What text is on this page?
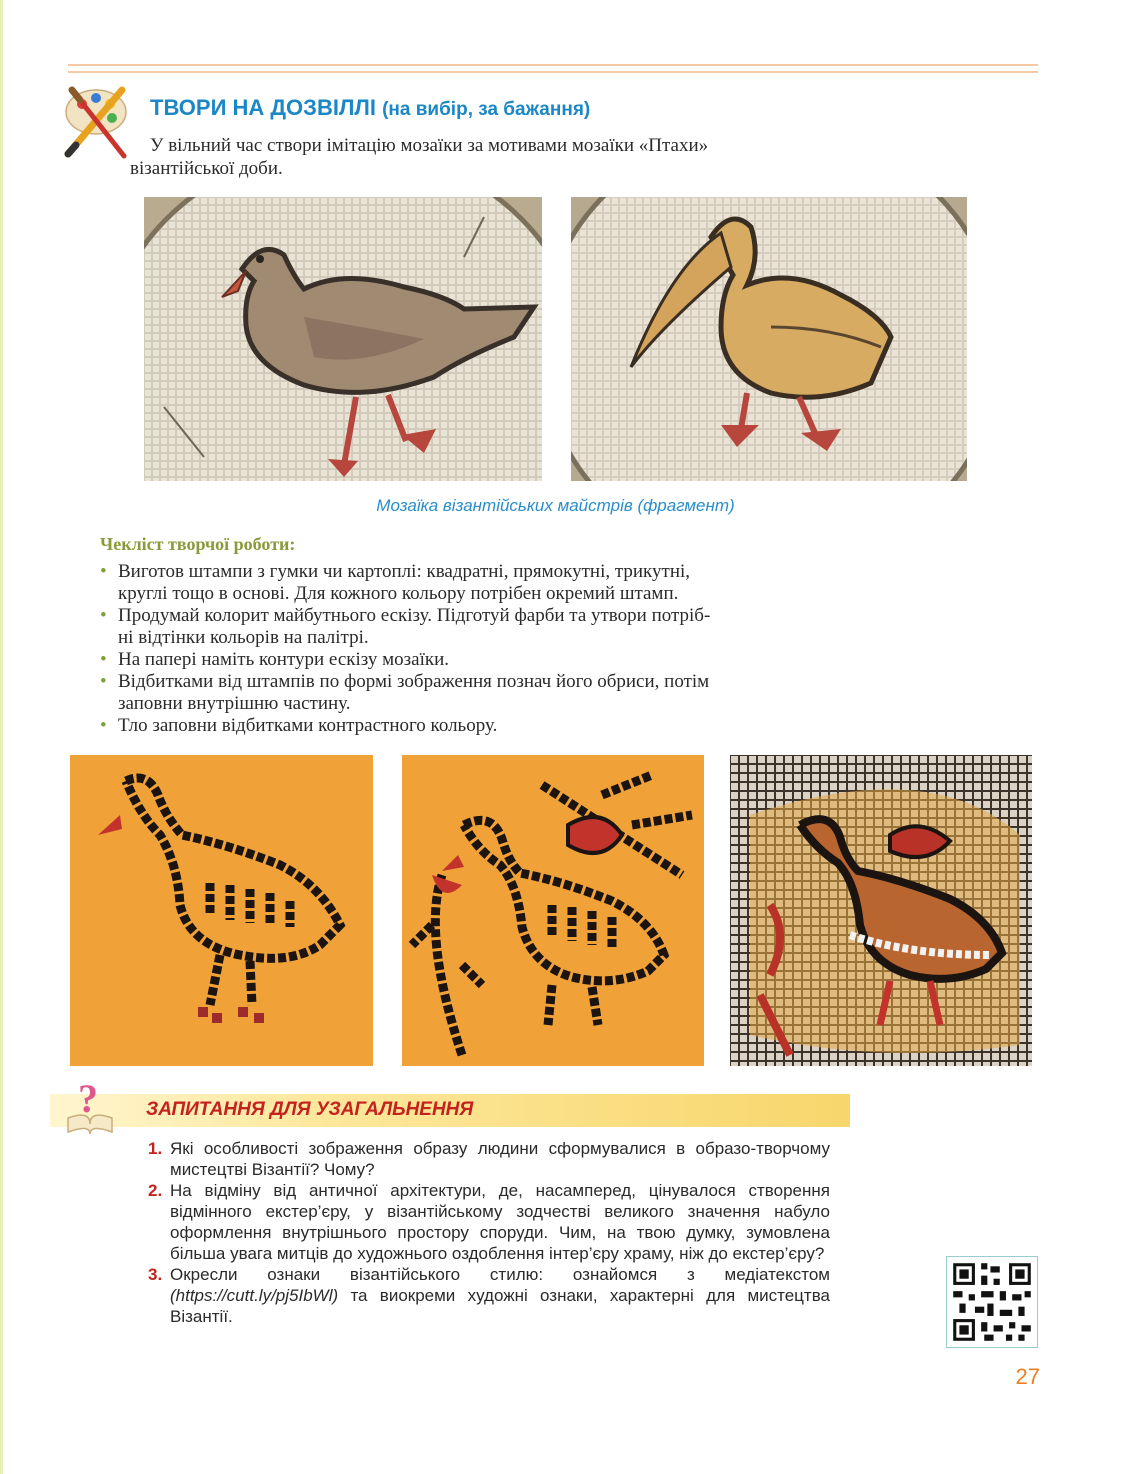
ТВОРИ НА ДОЗВІЛЛІ (на вибір, за бажання)
У вільний час створи імітацію мозаїки за мотивами мозаїки «Птахи»
візантійської доби.
Мозаїка візантійських майстрів (фрагмент)
Чекліст творчої роботи:
• Виготов штампи з гумки чи картоплі: квадратні, прямокутні, трикутні,
круглі тощо в основі. Для кожного кольору потрібен окремий штамп.
• Продумай колорит майбутнього ескізу. Підготуй фарби та утвори потріб-
ні відтінки кольорів на палітрі.
• На папері наміть контури ескізу мозаїки.
• Відбитками від штампів по формі зображення познач його обриси, потім
заповни внутрішню частину.
• Тло заповни відбитками контрастного кольору.
?	ЗАПИТАННЯ ДЛЯ УЗАГАЛЬНЕННЯ
1. Які особливості зображення образу людини сформувалися в образо-творчому мистецтві Візантії? Чому?
2. На відміну від античної архітектури, де, насамперед, цінувалося створення відмінного екстер’єру, у візантійському зодчестві великого значення набуло оформлення внутрішнього простору споруди. Чим, на твою думку, зумовлена більша увага митців до художнього оздоблення інтер’єру храму, ніж до екстер’єру?
3. Окресли ознаки візантійського стилю: ознайомся з медіатекстом (https://cutt.ly/pj5IbWl) та виокреми художні ознаки, характерні для мистецтва Візантії.
27
